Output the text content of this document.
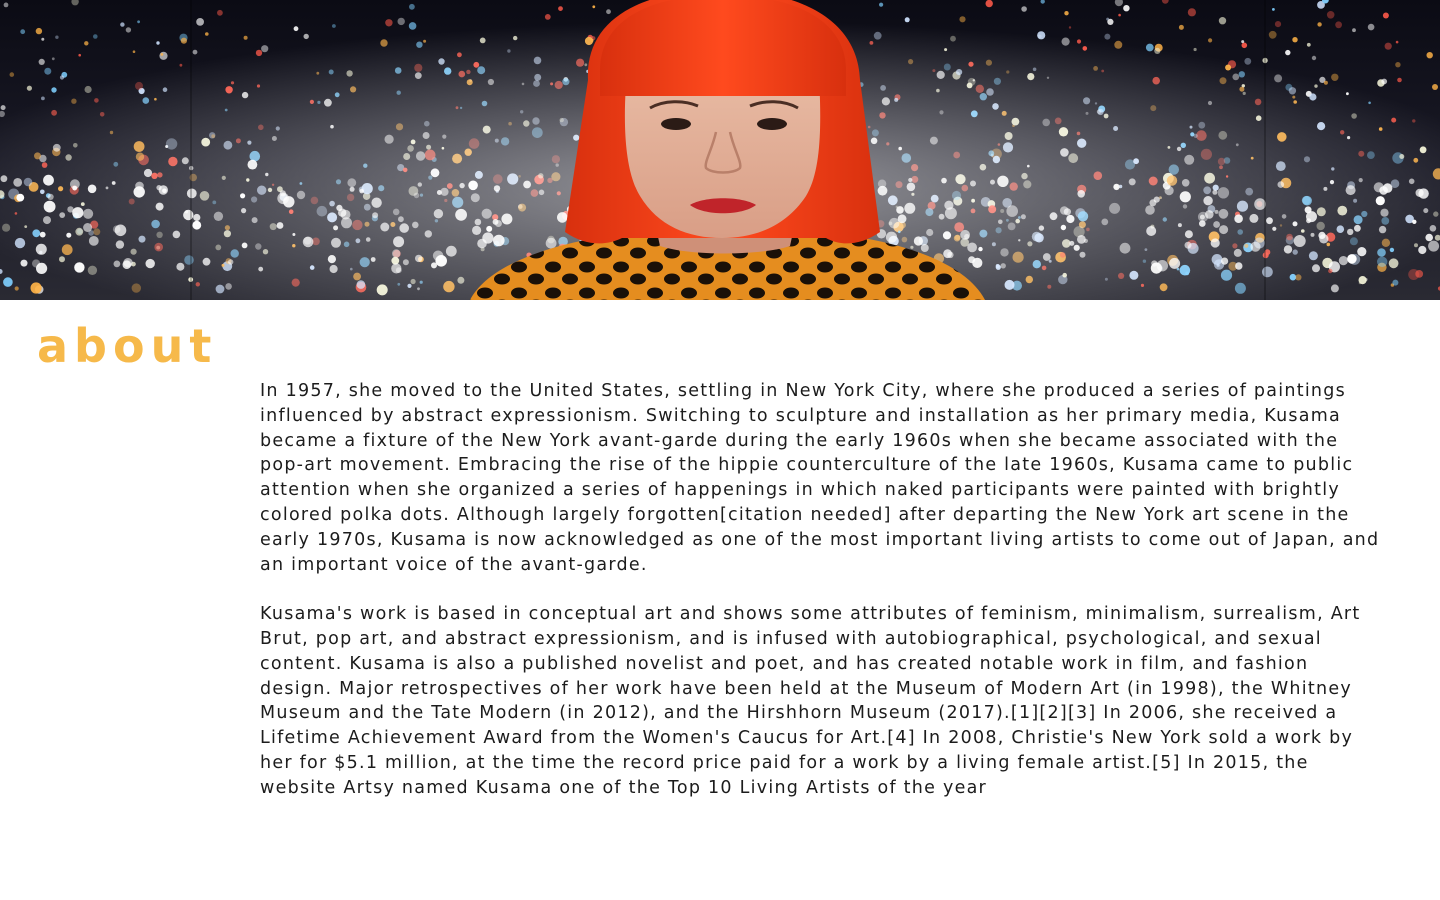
about

In 1957, she moved to the United States, settling in New York City, where she produced a series of paintings influenced by abstract expressionism. Switching to sculpture and installation as her primary media, Kusama became a fixture of the New York avant-garde during the early 1960s when she became associated with the pop-art movement. Embracing the rise of the hippie counterculture of the late 1960s, Kusama came to public attention when she organized a series of happenings in which naked participants were painted with brightly colored polka dots. Although largely forgotten[citation needed] after departing the New York art scene in the early 1970s, Kusama is now acknowledged as one of the most important living artists to come out of Japan, and an important voice of the avant-garde.

Kusama's work is based in conceptual art and shows some attributes of feminism, minimalism, surrealism, Art Brut, pop art, and abstract expressionism, and is infused with autobiographical, psychological, and sexual content. Kusama is also a published novelist and poet, and has created notable work in film, and fashion design. Major retrospectives of her work have been held at the Museum of Modern Art (in 1998), the Whitney Museum and the Tate Modern (in 2012), and the Hirshhorn Museum (2017).[1][2][3] In 2006, she received a Lifetime Achievement Award from the Women's Caucus for Art.[4] In 2008, Christie's New York sold a work by her for $5.1 million, at the time the record price paid for a work by a living female artist.[5] In 2015, the website Artsy named Kusama one of the Top 10 Living Artists of the year
